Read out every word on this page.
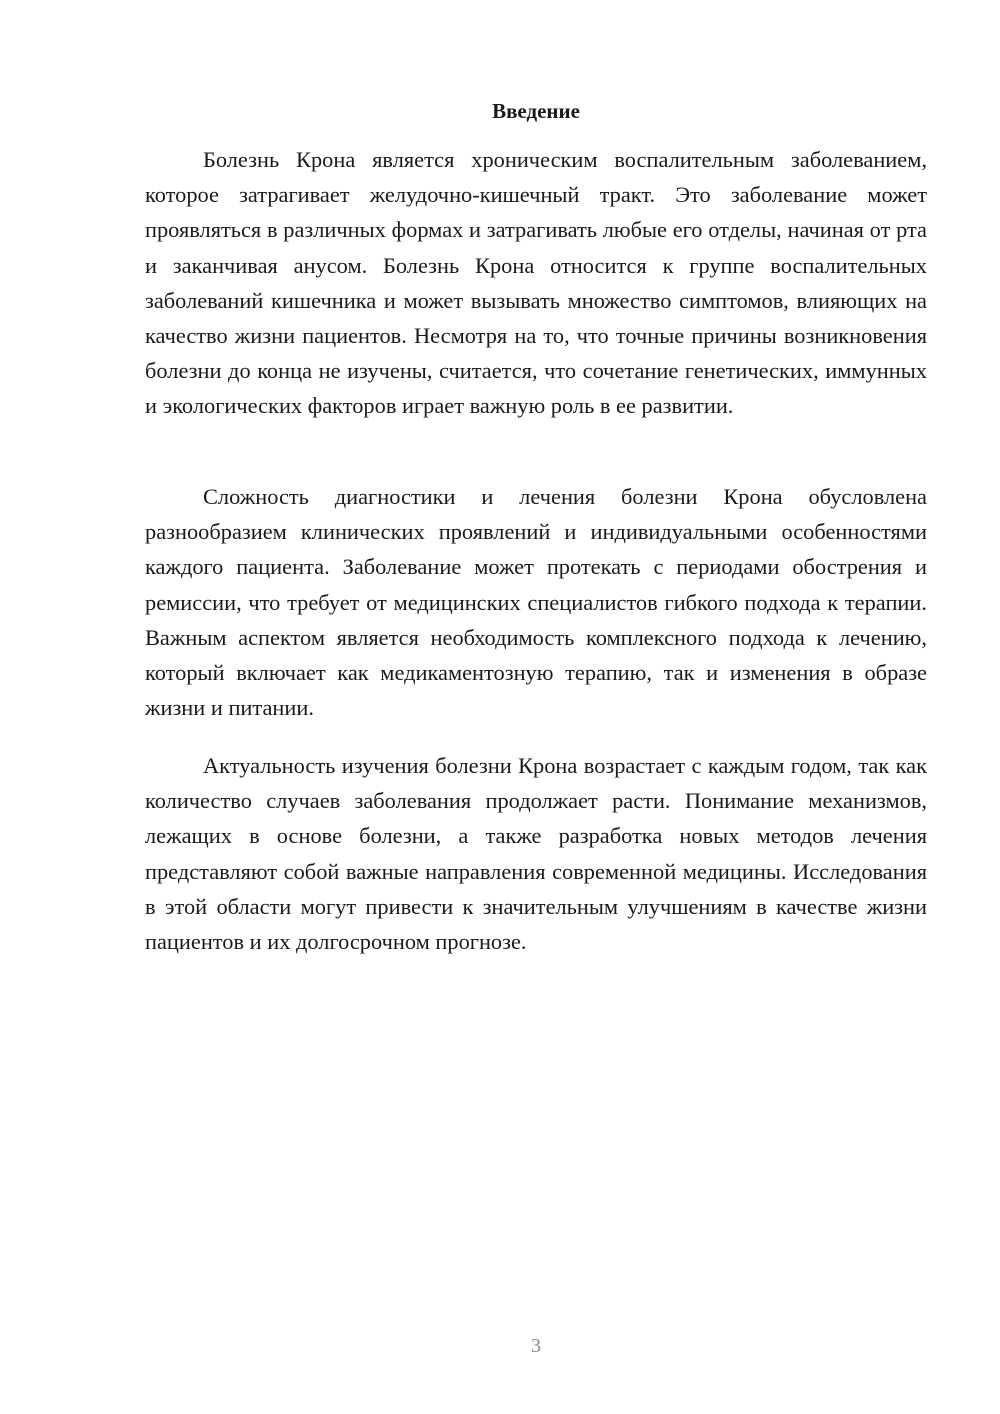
Введение

Болезнь Крона является хроническим воспалительным заболеванием, которое затрагивает желудочно-кишечный тракт. Это заболевание может проявляться в различных формах и затрагивать любые его отделы, начиная от рта и заканчивая анусом. Болезнь Крона относится к группе воспалительных заболеваний кишечника и может вызывать множество симптомов, влияющих на качество жизни пациентов. Несмотря на то, что точные причины возникновения болезни до конца не изучены, считается, что сочетание генетических, иммунных и экологических факторов играет важную роль в ее развитии.

Сложность диагностики и лечения болезни Крона обусловлена разнообразием клинических проявлений и индивидуальными особенностями каждого пациента. Заболевание может протекать с периодами обострения и ремиссии, что требует от медицинских специалистов гибкого подхода к терапии. Важным аспектом является необходимость комплексного подхода к лечению, который включает как медикаментозную терапию, так и изменения в образе жизни и питании.

Актуальность изучения болезни Крона возрастает с каждым годом, так как количество случаев заболевания продолжает расти. Понимание механизмов, лежащих в основе болезни, а также разработка новых методов лечения представляют собой важные направления современной медицины. Исследования в этой области могут привести к значительным улучшениям в качестве жизни пациентов и их долгосрочном прогнозе.

3
